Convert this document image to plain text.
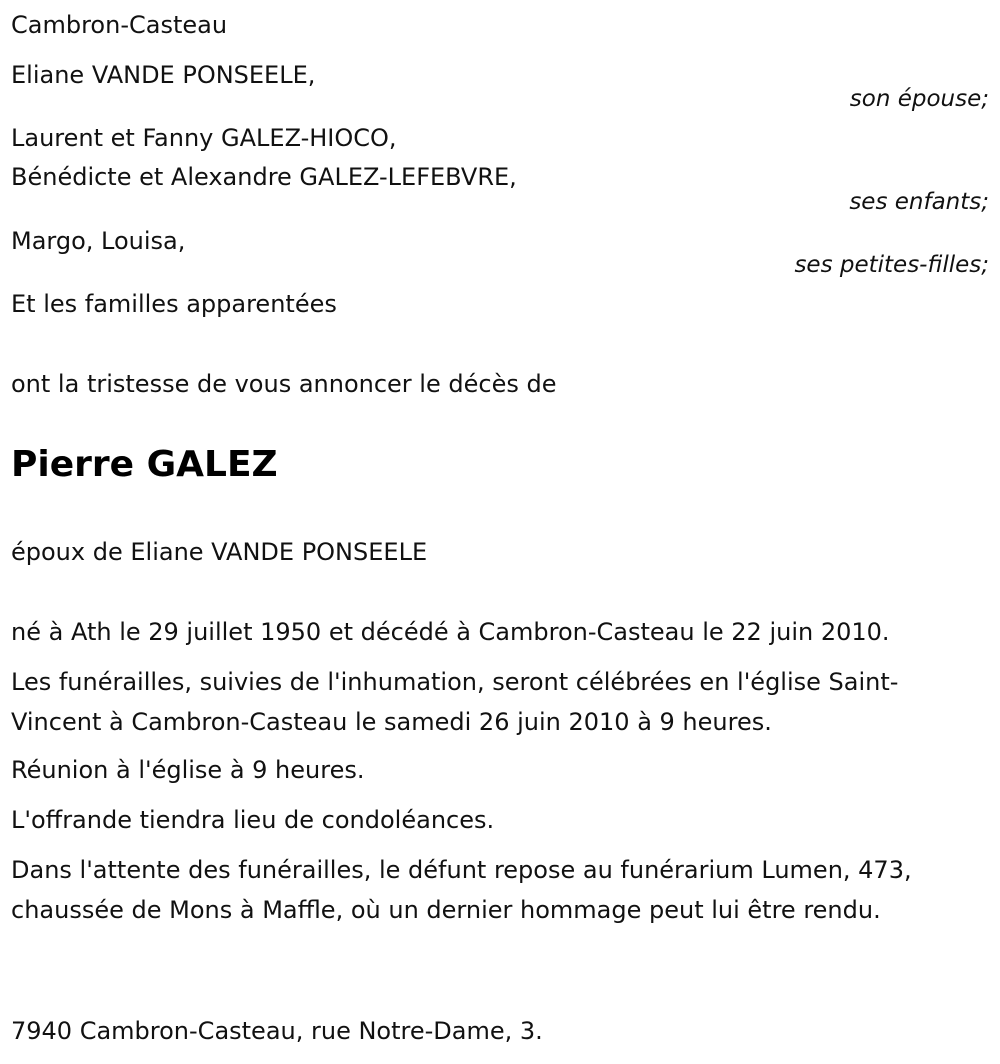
Cambron-Casteau
Eliane VANDE PONSEELE,
son épouse;
Laurent et Fanny GALEZ-HIOCO,
Bénédicte et Alexandre GALEZ-LEFEBVRE,
ses enfants;
Margo, Louisa,
ses petites-filles;
Et les familles apparentées
ont la tristesse de vous annoncer le décès de
Pierre GALEZ
époux de Eliane VANDE PONSEELE
né à Ath le 29 juillet 1950 et décédé à Cambron-Casteau le 22 juin 2010.
Les funérailles, suivies de l'inhumation, seront célébrées en l'église Saint-Vincent à Cambron-Casteau le samedi 26 juin 2010 à 9 heures.
Réunion à l'église à 9 heures.
L'offrande tiendra lieu de condoléances.
Dans l'attente des funérailles, le défunt repose au funérarium Lumen, 473, chaussée de Mons à Maffle, où un dernier hommage peut lui être rendu.
7940 Cambron-Casteau, rue Notre-Dame, 3.
